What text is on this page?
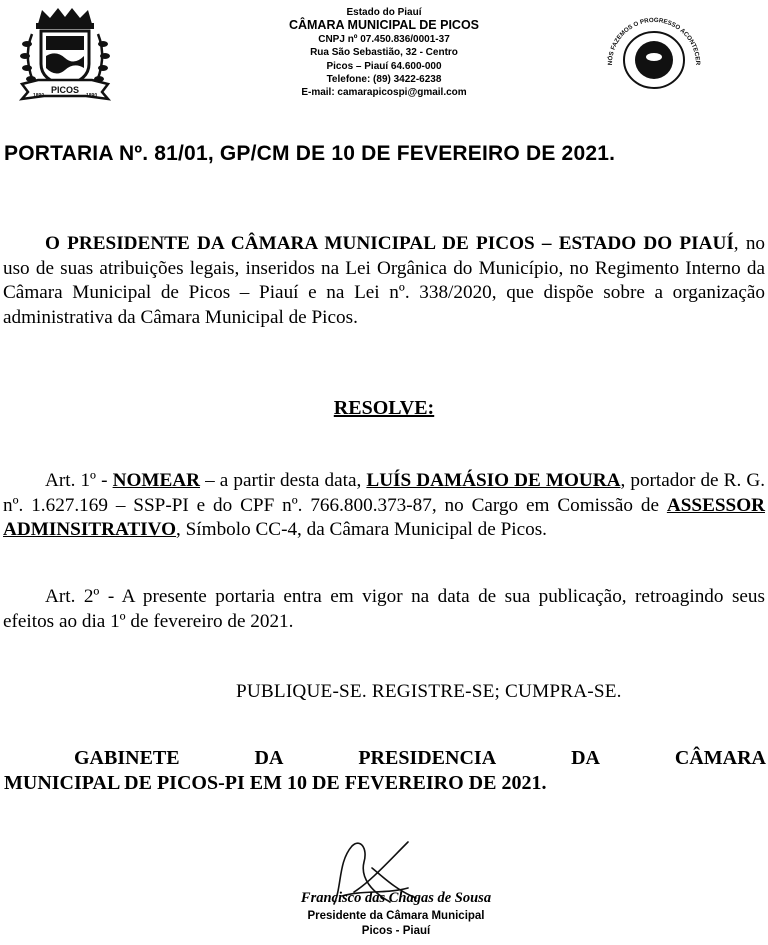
PICOS
1890	1890
Estado do Piauí
CÂMARA MUNICIPAL DE PICOS
CNPJ nº 07.450.836/0001-37
Rua São Sebastião, 32 - Centro
Picos – Piauí 64.600-000
Telefone: (89) 3422-6238
E-mail: camarapicospi@gmail.com
NÓS FAZEMOS O PROGRESSO ACONTECER
PORTARIA Nº. 81/01, GP/CM DE 10 DE FEVEREIRO DE 2021.
O PRESIDENTE DA CÂMARA MUNICIPAL DE PICOS – ESTADO DO PIAUÍ, no uso de suas atribuições legais, inseridos na Lei Orgânica do Município, no Regimento Interno da Câmara Municipal de Picos – Piauí e na Lei nº. 338/2020, que dispõe sobre a organização administrativa da Câmara Municipal de Picos.
RESOLVE:
Art. 1º - NOMEAR – a partir desta data, LUÍS DAMÁSIO DE MOURA, portador de R. G. nº. 1.627.169 – SSP-PI e do CPF nº. 766.800.373-87, no Cargo em Comissão de ASSESSOR ADMINSITRATIVO, Símbolo CC-4, da Câmara Municipal de Picos.
Art. 2º - A presente portaria entra em vigor na data de sua publicação, retroagindo seus efeitos ao dia 1º de fevereiro de 2021.
PUBLIQUE-SE. REGISTRE-SE; CUMPRA-SE.
GABINETE	DA	PRESIDENCIA	DA	CÂMARA
MUNICIPAL DE PICOS-PI EM 10 DE FEVEREIRO DE 2021.
Francisco das Chagas de Sousa
Presidente da Câmara Municipal
Picos - Piauí
